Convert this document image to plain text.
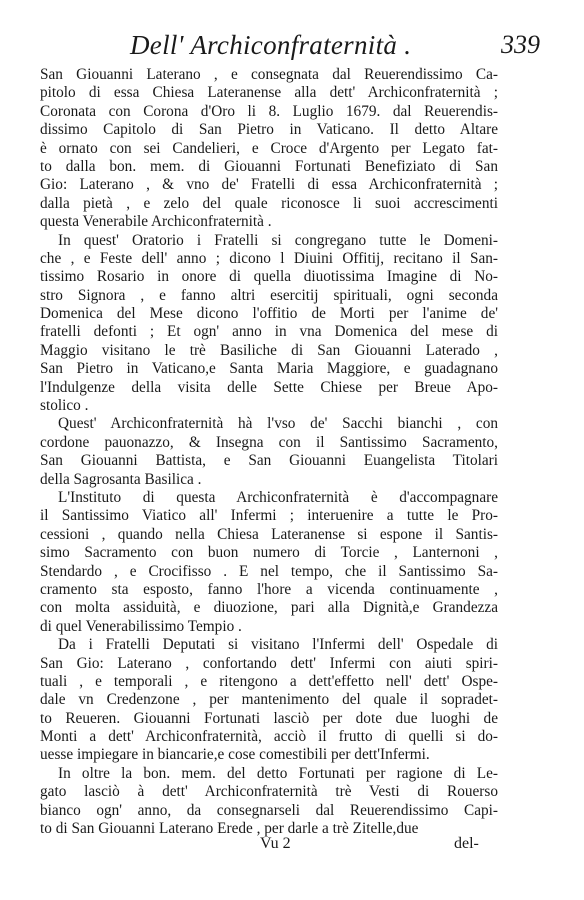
Dell' Archiconfraternità .	339
San Giouanni Laterano , e consegnata dal Reuerendissimo Ca-
pitolo di essa Chiesa Lateranense alla dett' Archiconfraternità ;
Coronata con Corona d'Oro li 8. Luglio 1679. dal Reuerendis-
dissimo Capitolo di San Pietro in Vaticano. Il detto Altare
è ornato con sei Candelieri, e Croce d'Argento per Legato fat-
to dalla bon. mem. di Giouanni Fortunati Benefiziato di San
Gio: Laterano , & vno de' Fratelli di essa Archiconfraternità ;
dalla pietà , e zelo del quale riconosce li suoi accrescimenti
questa Venerabile Archiconfraternità .
In quest' Oratorio i Fratelli si congregano tutte le Domeni-
che , e Feste dell' anno ; dicono l Diuini Offitij, recitano il San-
tissimo Rosario in onore di quella diuotissima Imagine di No-
stro Signora , e fanno altri esercitij spirituali, ogni seconda
Domenica del Mese dicono l'offitio de Morti per l'anime de'
fratelli defonti ; Et ogn' anno in vna Domenica del mese di
Maggio visitano le trè Basiliche di San Giouanni Laterado ,
San Pietro in Vaticano,e Santa Maria Maggiore, e guadagnano
l'Indulgenze della visita delle Sette Chiese per Breue Apo-
stolico .
Quest' Archiconfraternità hà l'vso de' Sacchi bianchi , con
cordone pauonazzo, & Insegna con il Santissimo Sacramento,
San Giouanni Battista, e San Giouanni Euangelista Titolari
della Sagrosanta Basilica .
L'Instituto di questa Archiconfraternità è d'accompagnare
il Santissimo Viatico all' Infermi ; interuenire a tutte le Pro-
cessioni , quando nella Chiesa Lateranense si espone il Santis-
simo Sacramento con buon numero di Torcie , Lanternoni ,
Stendardo , e Crocifisso . E nel tempo, che il Santissimo Sa-
cramento sta esposto, fanno l'hore a vicenda continuamente ,
con molta assiduità, e diuozione, pari alla Dignità,e Grandezza
di quel Venerabilissimo Tempio .
Da i Fratelli Deputati si visitano l'Infermi dell' Ospedale di
San Gio: Laterano , confortando dett' Infermi con aiuti spiri-
tuali , e temporali , e ritengono a dett'effetto nell' dett' Ospe-
dale vn Credenzone , per mantenimento del quale il sopradet-
to Reueren. Giouanni Fortunati lasciò per dote due luoghi de
Monti a dett' Archiconfraternità, acciò il frutto di quelli si do-
uesse impiegare in biancarie,e cose comestibili per dett'Infermi.
In oltre la bon. mem. del detto Fortunati per ragione di Le-
gato lasciò à dett' Archiconfraternità trè Vesti di Rouerso
bianco ogn' anno, da consegnarseli dal Reuerendissimo Capi-
to di San Giouanni Laterano Erede , per darle a trè Zitelle,due
Vu 2	del-
